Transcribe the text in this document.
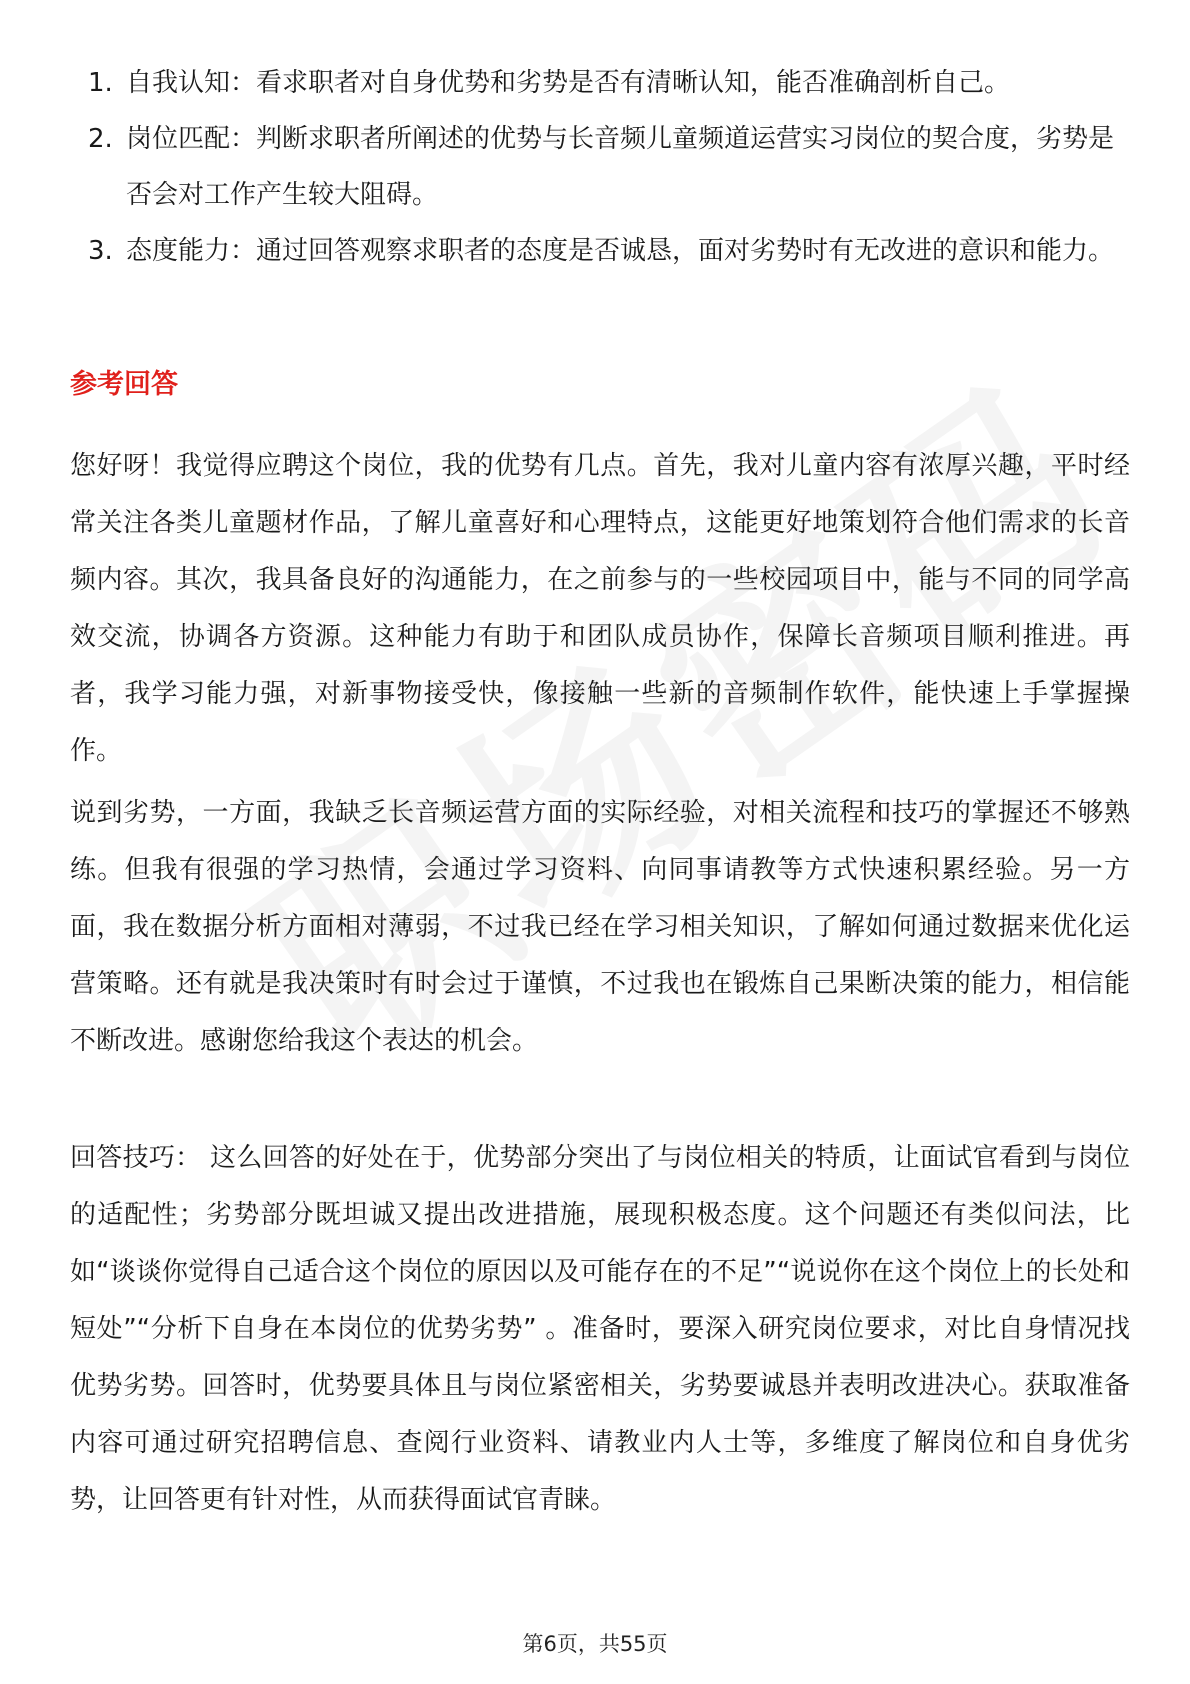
1. 自我认知：看求职者对自身优势和劣势是否有清晰认知，能否准确剖析自己。
2. 岗位匹配：判断求职者所阐述的优势与长音频儿童频道运营实习岗位的契合度，劣势是否会对工作产生较大阻碍。
3. 态度能力：通过回答观察求职者的态度是否诚恳，面对劣势时有无改进的意识和能力。
参考回答

您好呀！我觉得应聘这个岗位，我的优势有几点。首先，我对儿童内容有浓厚兴趣，平时经常关注各类儿童题材作品，了解儿童喜好和心理特点，这能更好地策划符合他们需求的长音频内容。其次，我具备良好的沟通能力，在之前参与的一些校园项目中，能与不同的同学高效交流，协调各方资源。这种能力有助于和团队成员协作，保障长音频项目顺利推进。再者，我学习能力强，对新事物接受快，像接触一些新的音频制作软件，能快速上手掌握操作。

说到劣势，一方面，我缺乏长音频运营方面的实际经验，对相关流程和技巧的掌握还不够熟练。但我有很强的学习热情，会通过学习资料、向同事请教等方式快速积累经验。另一方面，我在数据分析方面相对薄弱，不过我已经在学习相关知识，了解如何通过数据来优化运营策略。还有就是我决策时有时会过于谨慎，不过我也在锻炼自己果断决策的能力，相信能不断改进。感谢您给我这个表达的机会。

回答技巧： 这么回答的好处在于，优势部分突出了与岗位相关的特质，让面试官看到与岗位的适配性；劣势部分既坦诚又提出改进措施，展现积极态度。这个问题还有类似问法，比如“谈谈你觉得自己适合这个岗位的原因以及可能存在的不足”“说说你在这个岗位上的长处和短处”“分析下自身在本岗位的优势劣势” 。准备时，要深入研究岗位要求，对比自身情况找优势劣势。回答时，优势要具体且与岗位紧密相关，劣势要诚恳并表明改进决心。获取准备内容可通过研究招聘信息、查阅行业资料、请教业内人士等，多维度了解岗位和自身优劣势，让回答更有针对性，从而获得面试官青睐。

第6页，共55页
